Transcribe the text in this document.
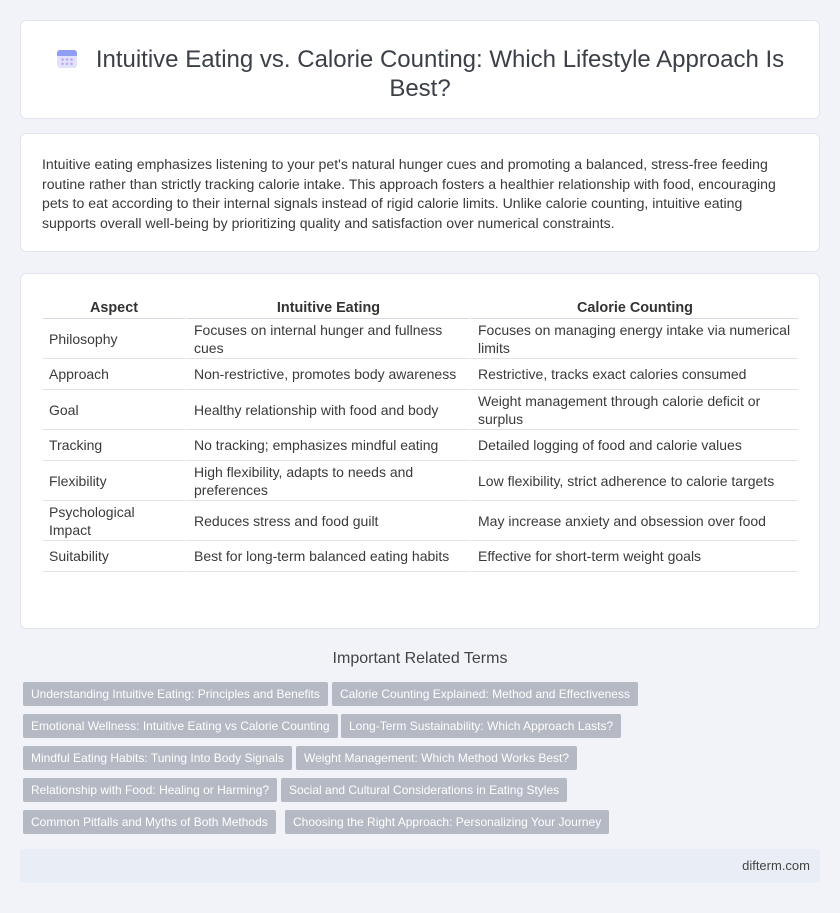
Intuitive Eating vs. Calorie Counting: Which Lifestyle Approach Is Best?

Intuitive eating emphasizes listening to your pet's natural hunger cues and promoting a balanced, stress-free feeding routine rather than strictly tracking calorie intake. This approach fosters a healthier relationship with food, encouraging pets to eat according to their internal signals instead of rigid calorie limits. Unlike calorie counting, intuitive eating supports overall well-being by prioritizing quality and satisfaction over numerical constraints.

Aspect	Intuitive Eating	Calorie Counting
Philosophy	Focuses on internal hunger and fullness cues	Focuses on managing energy intake via numerical limits
Approach	Non-restrictive, promotes body awareness	Restrictive, tracks exact calories consumed
Goal	Healthy relationship with food and body	Weight management through calorie deficit or surplus
Tracking	No tracking; emphasizes mindful eating	Detailed logging of food and calorie values
Flexibility	High flexibility, adapts to needs and preferences	Low flexibility, strict adherence to calorie targets
Psychological Impact	Reduces stress and food guilt	May increase anxiety and obsession over food
Suitability	Best for long-term balanced eating habits	Effective for short-term weight goals
Important Related Terms
Understanding Intuitive Eating: Principles and Benefits	Calorie Counting Explained: Method and Effectiveness
Emotional Wellness: Intuitive Eating vs Calorie Counting	Long-Term Sustainability: Which Approach Lasts?
Mindful Eating Habits: Tuning Into Body Signals	Weight Management: Which Method Works Best?
Relationship with Food: Healing or Harming?	Social and Cultural Considerations in Eating Styles
Common Pitfalls and Myths of Both Methods	Choosing the Right Approach: Personalizing Your Journey
difterm.com
